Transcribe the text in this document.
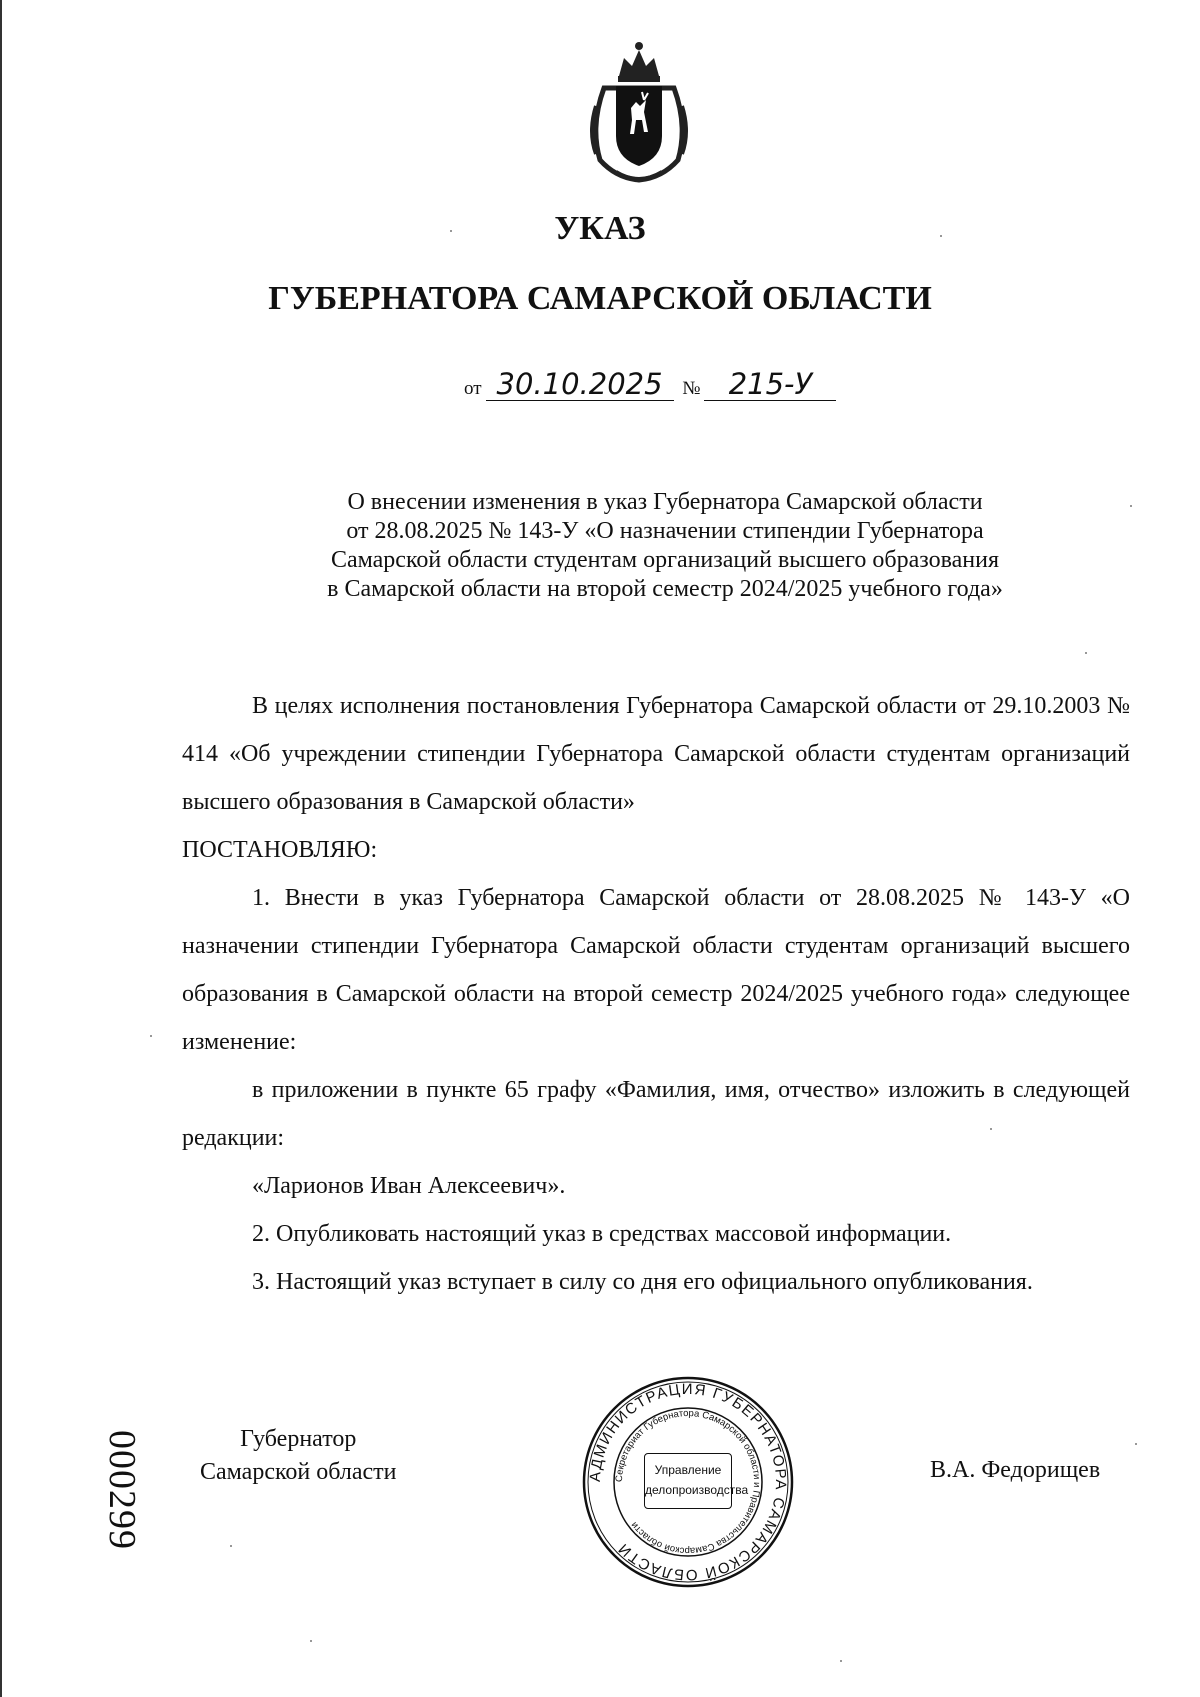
УКАЗ
ГУБЕРНАТОРА САМАРСКОЙ ОБЛАСТИ
от 30.10.2025 № 215-У
О внесении изменения в указ Губернатора Самарской области
от 28.08.2025 № 143-У «О назначении стипендии Губернатора
Самарской области студентам организаций высшего образования
в Самарской области на второй семестр 2024/2025 учебного года»

В целях исполнения постановления Губернатора Самарской области от 29.10.2003 № 414 «Об учреждении стипендии Губернатора Самарской области студентам организаций высшего образования в Самарской области»

ПОСТАНОВЛЯЮ:

1. Внести в указ Губернатора Самарской области от 28.08.2025 № 143-У «О назначении стипендии Губернатора Самарской области студентам организаций высшего образования в Самарской области на второй семестр 2024/2025 учебного года» следующее изменение:

в приложении в пункте 65 графу «Фамилия, имя, отчество» изложить в следующей редакции:

«Ларионов Иван Алексеевич».

2. Опубликовать настоящий указ в средствах массовой информации.

3. Настоящий указ вступает в силу со дня его официального опубликования.

000299	Губернатор
Самарской области	АДМИНИСТРАЦИЯ ГУБЕРНАТОРА САМАРСКОЙ ОБЛАСТИ
Секретариат Губернатора Самарской области и Правительства Самарской области
Управление
делопроизводства
В.А. Федорищев
